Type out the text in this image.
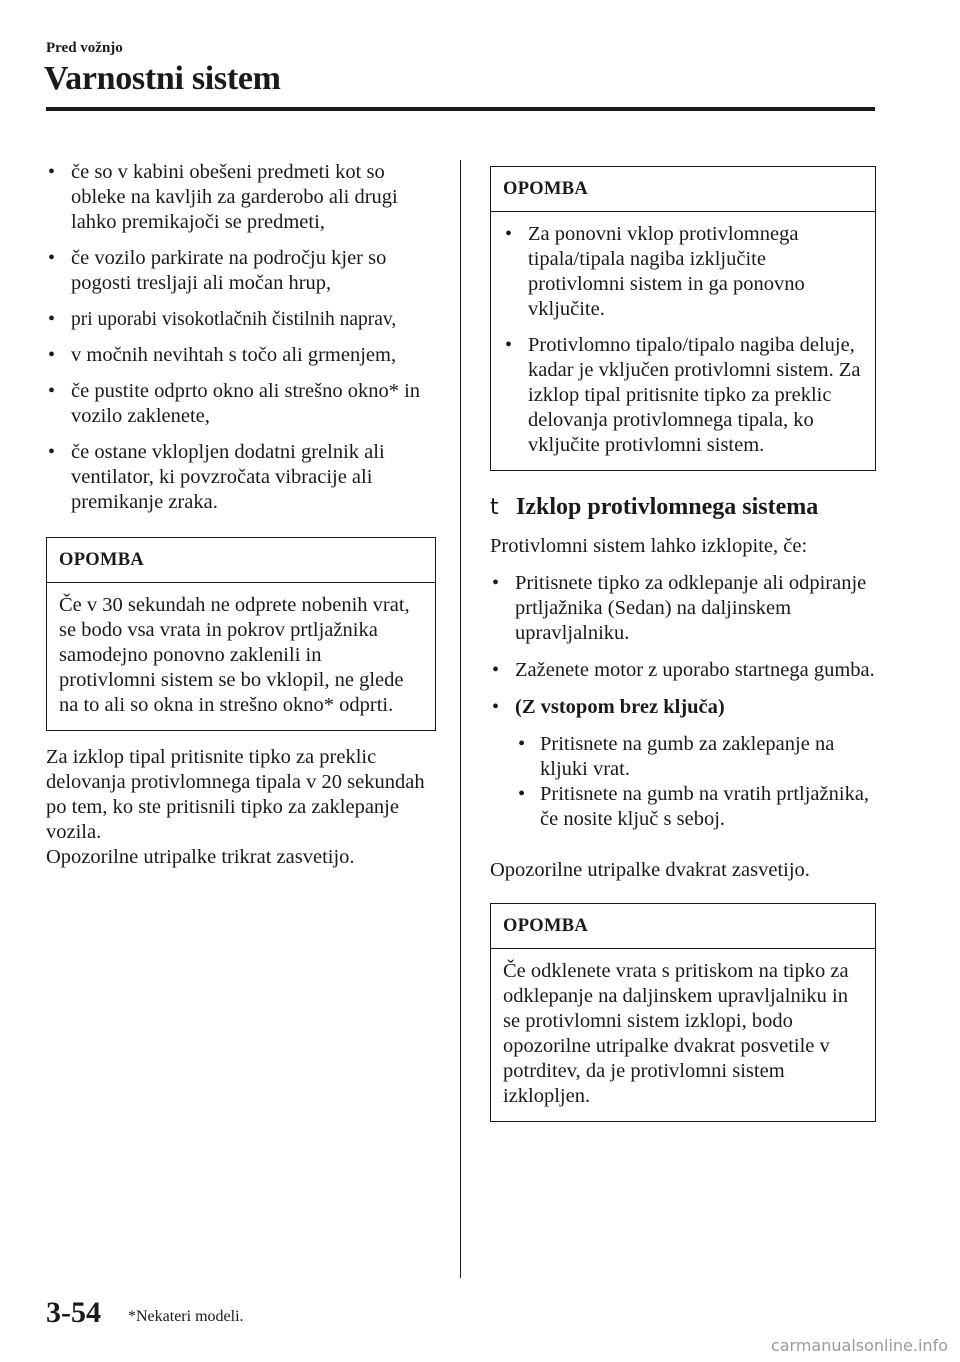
Pred vožnjo
Varnostni sistem
• če so v kabini obešeni predmeti kot so obleke na kavljih za garderobo ali drugi lahko premikajoči se predmeti,
• če vozilo parkirate na področju kjer so pogosti tresljaji ali močan hrup,
• pri uporabi visokotlačnih čistilnih naprav,
• v močnih nevihtah s točo ali grmenjem,
• če pustite odprto okno ali strešno okno* in vozilo zaklenete,
• če ostane vklopljen dodatni grelnik ali ventilator, ki povzročata vibracije ali premikanje zraka.
OPOMBA

Če v 30 sekundah ne odprete nobenih vrat, se bodo vsa vrata in pokrov prtljažnika samodejno ponovno zaklenili in protivlomni sistem se bo vklopil, ne glede na to ali so okna in strešno okno* odprti.

Za izklop tipal pritisnite tipko za preklic delovanja protivlomnega tipala v 20 sekundah po tem, ko ste pritisnili tipko za zaklepanje vozila.

Opozorilne utripalke trikrat zasvetijo.

OPOMBA
• Za ponovni vklop protivlomnega tipala/tipala nagiba izključite protivlomni sistem in ga ponovno vključite.
• Protivlomno tipalo/tipalo nagiba deluje, kadar je vključen protivlomni sistem. Za izklop tipal pritisnite tipko za preklic delovanja protivlomnega tipala, ko vključite protivlomni sistem.
t Izklop protivlomnega sistema

Protivlomni sistem lahko izklopite, če:

• Pritisnete tipko za odklepanje ali odpiranje prtljažnika (Sedan) na daljinskem upravljalniku.
• Zaženete motor z uporabo startnega gumba.
• (Z vstopom brez ključa)
• Pritisnete na gumb za zaklepanje na kljuki vrat.
• Pritisnete na gumb na vratih prtljažnika, če nosite ključ s seboj.

Opozorilne utripalke dvakrat zasvetijo.

OPOMBA

Če odklenete vrata s pritiskom na tipko za odklepanje na daljinskem upravljalniku in se protivlomni sistem izklopi, bodo opozorilne utripalke dvakrat posvetile v potrditev, da je protivlomni sistem izklopljen.

3-54 *Nekateri modeli.
carmanualsonline.info
